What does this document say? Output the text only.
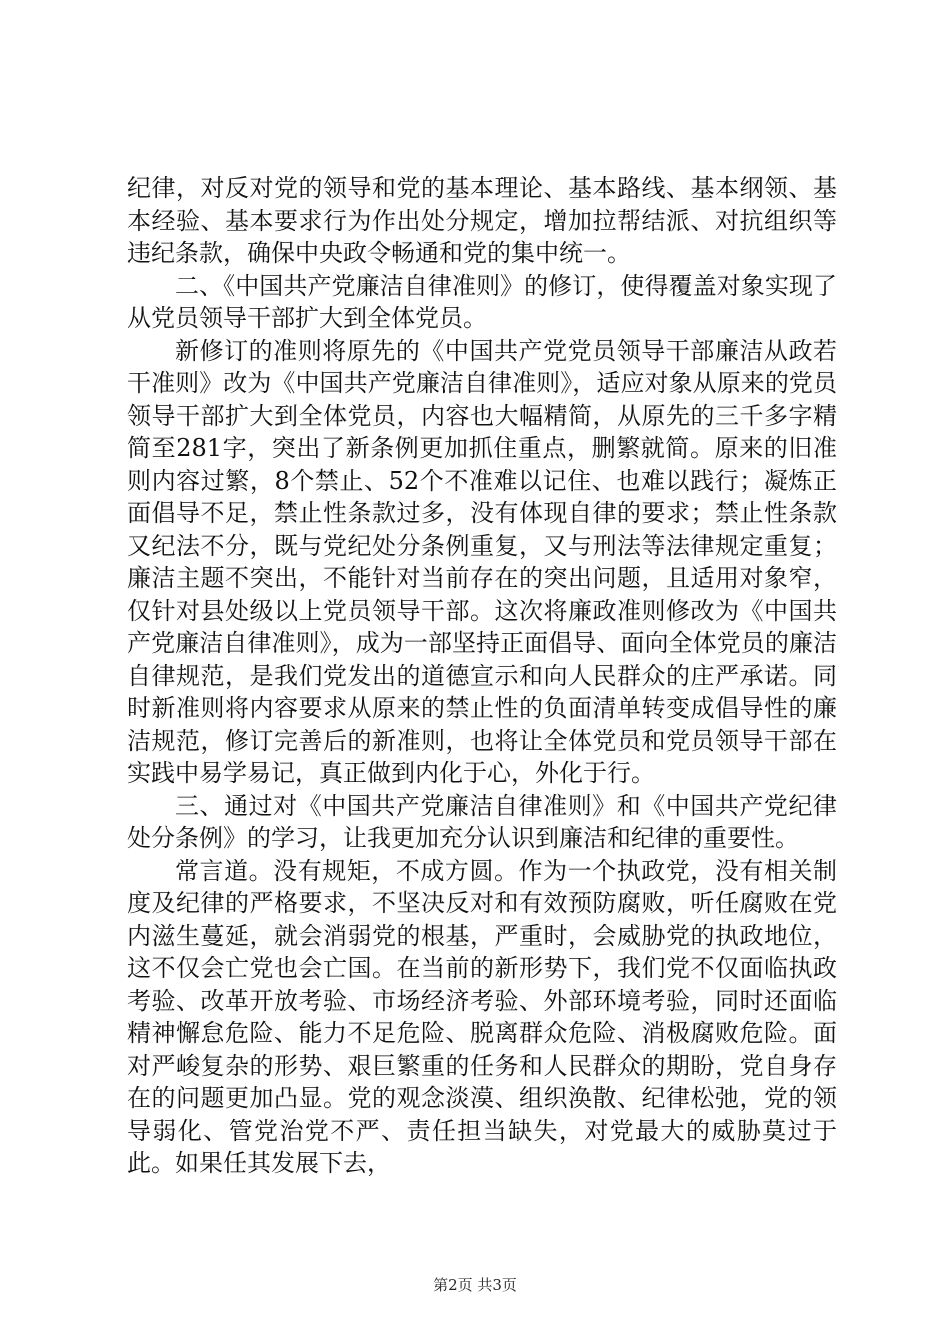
纪律，对反对党的领导和党的基本理论、基本路线、基本纲领、基本经验、基本要求行为作出处分规定，增加拉帮结派、对抗组织等违纪条款，确保中央政令畅通和党的集中统一。

二、《中国共产党廉洁自律准则》的修订，使得覆盖对象实现了从党员领导干部扩大到全体党员。

新修订的准则将原先的《中国共产党党员领导干部廉洁从政若干准则》改为《中国共产党廉洁自律准则》，适应对象从原来的党员领导干部扩大到全体党员，内容也大幅精简，从原先的三千多字精简至281字，突出了新条例更加抓住重点，删繁就简。原来的旧准则内容过繁，8个禁止、52个不准难以记住、也难以践行；凝炼正面倡导不足，禁止性条款过多，没有体现自律的要求；禁止性条款又纪法不分，既与党纪处分条例重复，又与刑法等法律规定重复；廉洁主题不突出，不能针对当前存在的突出问题，且适用对象窄，仅针对县处级以上党员领导干部。这次将廉政准则修改为《中国共产党廉洁自律准则》，成为一部坚持正面倡导、面向全体党员的廉洁自律规范，是我们党发出的道德宣示和向人民群众的庄严承诺。同时新准则将内容要求从原来的禁止性的负面清单转变成倡导性的廉洁规范，修订完善后的新准则，也将让全体党员和党员领导干部在实践中易学易记，真正做到内化于心，外化于行。

三、通过对《中国共产党廉洁自律准则》和《中国共产党纪律处分条例》的学习，让我更加充分认识到廉洁和纪律的重要性。

常言道。没有规矩，不成方圆。作为一个执政党，没有相关制度及纪律的严格要求，不坚决反对和有效预防腐败，听任腐败在党内滋生蔓延，就会消弱党的根基，严重时，会威胁党的执政地位，这不仅会亡党也会亡国。在当前的新形势下，我们党不仅面临执政考验、改革开放考验、市场经济考验、外部环境考验，同时还面临精神懈怠危险、能力不足危险、脱离群众危险、消极腐败危险。面对严峻复杂的形势、艰巨繁重的任务和人民群众的期盼，党自身存在的问题更加凸显。党的观念淡漠、组织涣散、纪律松弛，党的领导弱化、管党治党不严、责任担当缺失，对党最大的威胁莫过于此。如果任其发展下去，

第2页 共3页
